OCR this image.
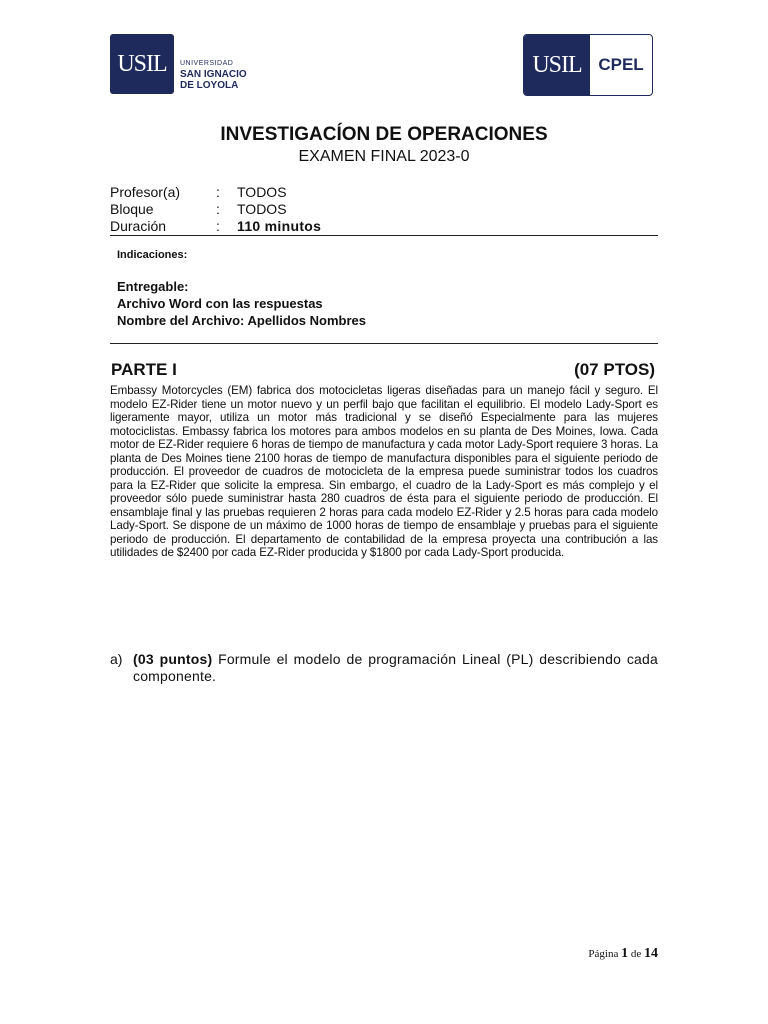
USIL UNIVERSIDAD
SAN IGNACIO
DE LOYOLA
USIL CPEL
INVESTIGACÍON DE OPERACIONES
EXAMEN FINAL 2023-0
Profesor(a)	:	TODOS
Bloque	:	TODOS
Duración	:	110 minutos
Indicaciones:
Entregable:
Archivo Word con las respuestas
Nombre del Archivo: Apellidos Nombres
PARTE I	(07 PTOS)
Embassy Motorcycles (EM) fabrica dos motocicletas ligeras diseñadas para un manejo fácil y seguro. El modelo EZ-Rider tiene un motor nuevo y un perfil bajo que facilitan el equilibrio. El modelo Lady-Sport es ligeramente mayor, utiliza un motor más tradicional y se diseñó Especialmente para las mujeres motociclistas. Embassy fabrica los motores para ambos modelos en su planta de Des Moines, Iowa. Cada motor de EZ-Rider requiere 6 horas de tiempo de manufactura y cada motor Lady-Sport requiere 3 horas. La planta de Des Moines tiene 2100 horas de tiempo de manufactura disponibles para el siguiente periodo de producción. El proveedor de cuadros de motocicleta de la empresa puede suministrar todos los cuadros para la EZ-Rider que solicite la empresa. Sin embargo, el cuadro de la Lady-Sport es más complejo y el proveedor sólo puede suministrar hasta 280 cuadros de ésta para el siguiente periodo de producción. El ensamblaje final y las pruebas requieren 2 horas para cada modelo EZ-Rider y 2.5 horas para cada modelo Lady-Sport. Se dispone de un máximo de 1000 horas de tiempo de ensamblaje y pruebas para el siguiente periodo de producción. El departamento de contabilidad de la empresa proyecta una contribución a las utilidades de $2400 por cada EZ-Rider producida y $1800 por cada Lady-Sport producida.
a) (03 puntos) Formule el modelo de programación Lineal (PL) describiendo cada componente.
Página 1 de 14
